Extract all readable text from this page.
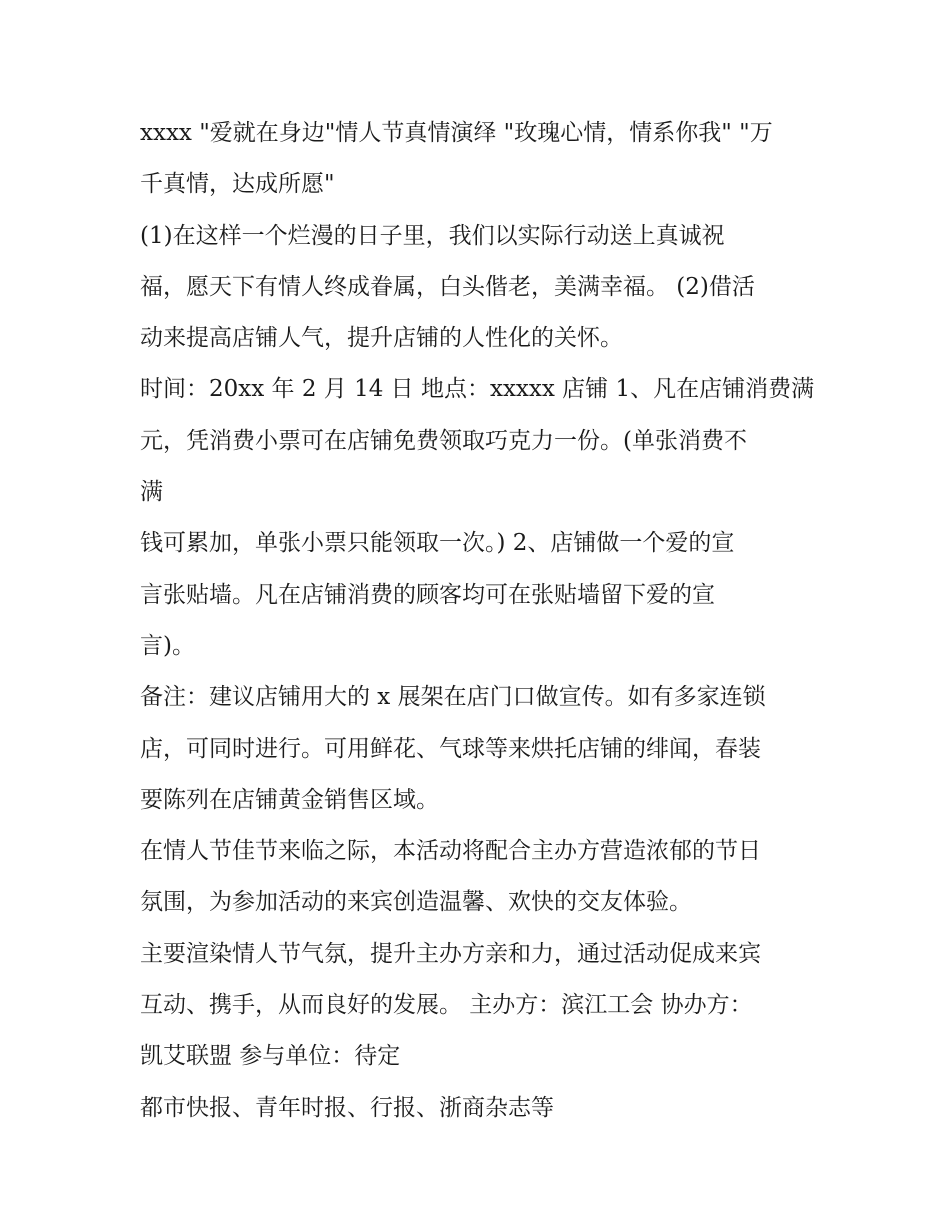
xxxx "爱就在身边"情人节真情演绎 "玫瑰心情，情系你我" "万
千真情，达成所愿"
(1)在这样一个烂漫的日子里，我们以实际行动送上真诚祝
福，愿天下有情人终成眷属，白头偕老，美满幸福。 (2)借活
动来提高店铺人气，提升店铺的人性化的关怀。
时间：20xx 年 2 月 14 日 地点：xxxxx 店铺 1、凡在店铺消费满
元，凭消费小票可在店铺免费领取巧克力一份。(单张消费不
满
钱可累加，单张小票只能领取一次。) 2、店铺做一个爱的宣
言张贴墙。凡在店铺消费的顾客均可在张贴墙留下爱的宣
言)。
备注：建议店铺用大的 x 展架在店门口做宣传。如有多家连锁
店，可同时进行。可用鲜花、气球等来烘托店铺的绯闻，春装
要陈列在店铺黄金销售区域。
在情人节佳节来临之际，本活动将配合主办方营造浓郁的节日
氛围，为参加活动的来宾创造温馨、欢快的交友体验。
主要渲染情人节气氛，提升主办方亲和力，通过活动促成来宾
互动、携手，从而良好的发展。 主办方：滨江工会 协办方：
凯艾联盟 参与单位：待定
都市快报、青年时报、行报、浙商杂志等
